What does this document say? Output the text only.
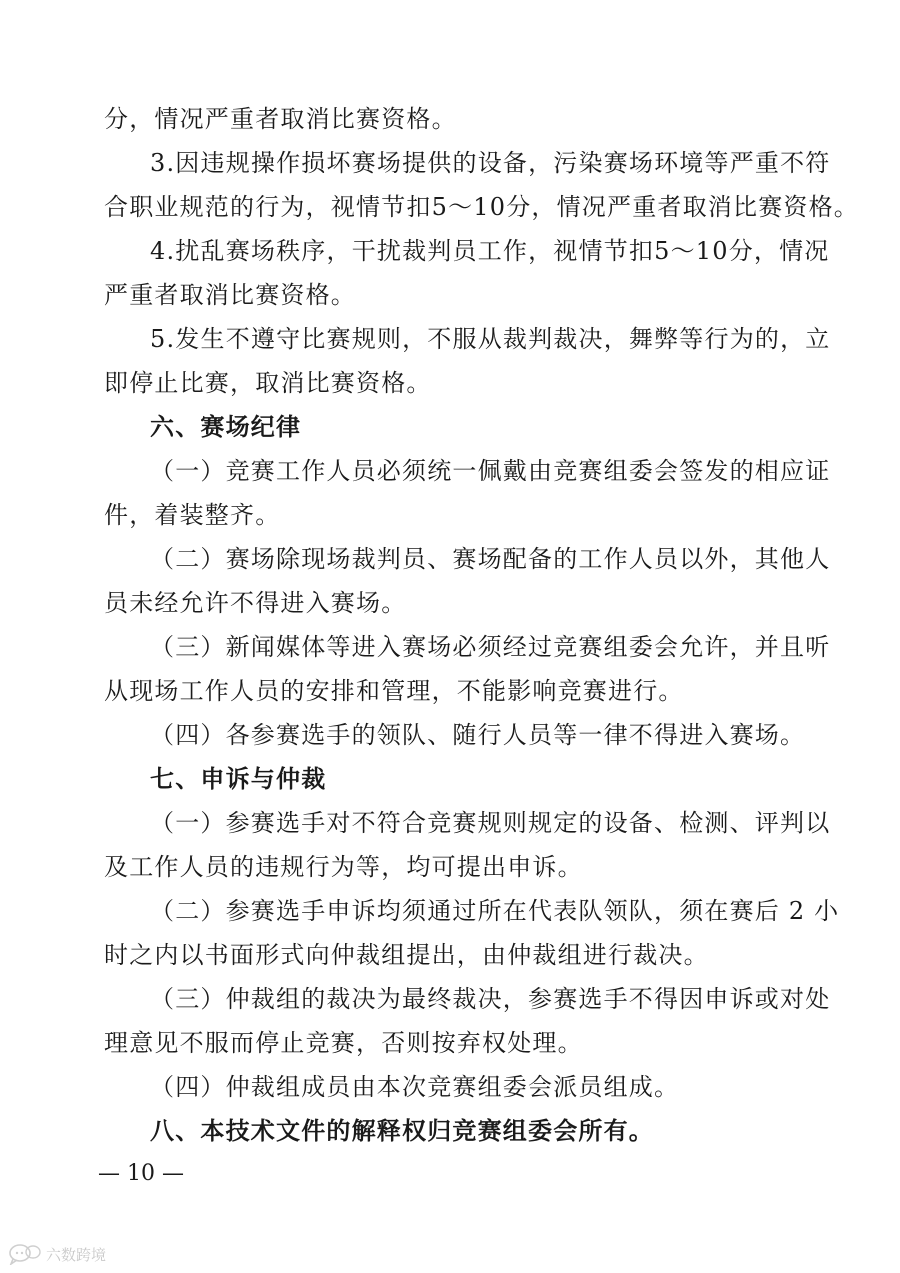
分，情况严重者取消比赛资格。
3.因违规操作损坏赛场提供的设备，污染赛场环境等严重不符
合职业规范的行为，视情节扣5～10分，情况严重者取消比赛资格。
4.扰乱赛场秩序，干扰裁判员工作，视情节扣5～10分，情况
严重者取消比赛资格。
5.发生不遵守比赛规则，不服从裁判裁决，舞弊等行为的，立
即停止比赛，取消比赛资格。
六、赛场纪律
（一）竞赛工作人员必须统一佩戴由竞赛组委会签发的相应证
件，着装整齐。
（二）赛场除现场裁判员、赛场配备的工作人员以外，其他人
员未经允许不得进入赛场。
（三）新闻媒体等进入赛场必须经过竞赛组委会允许，并且听
从现场工作人员的安排和管理，不能影响竞赛进行。
（四）各参赛选手的领队、随行人员等一律不得进入赛场。
七、申诉与仲裁
（一）参赛选手对不符合竞赛规则规定的设备、检测、评判以
及工作人员的违规行为等，均可提出申诉。
（二）参赛选手申诉均须通过所在代表队领队，须在赛后 2 小
时之内以书面形式向仲裁组提出，由仲裁组进行裁决。
（三）仲裁组的裁决为最终裁决，参赛选手不得因申诉或对处
理意见不服而停止竞赛，否则按弃权处理。
（四）仲裁组成员由本次竞赛组委会派员组成。
八、本技术文件的解释权归竞赛组委会所有。
— 10 —
六数跨境
